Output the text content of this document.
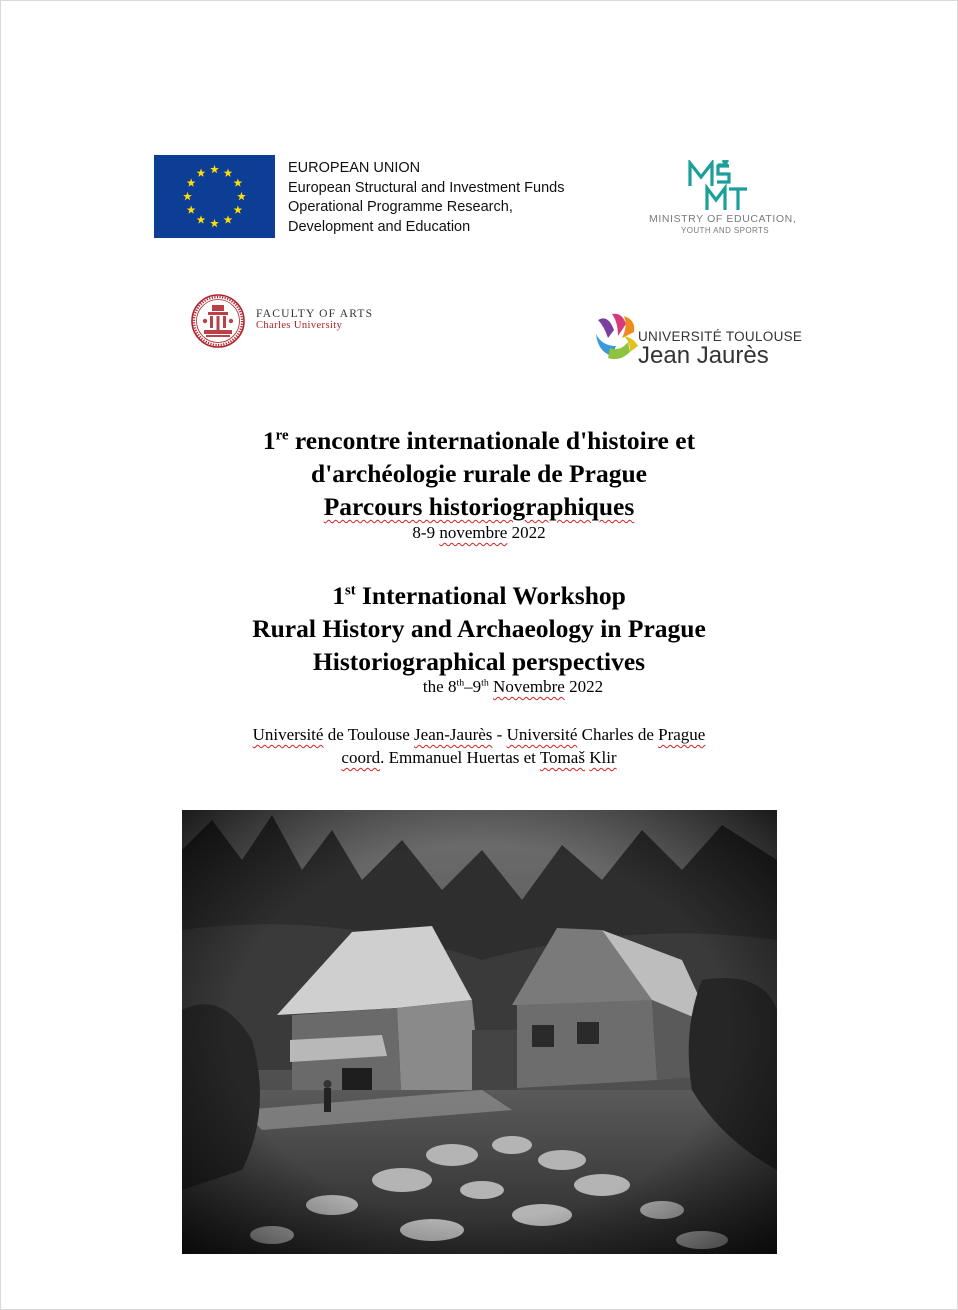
EUROPEAN UNION
European Structural and Investment Funds
Operational Programme Research,
Development and Education	MINISTRY OF EDUCATION,
YOUTH AND SPORTS
FACULTY OF ARTS
Charles University
UNIVERSITÉ TOULOUSE
Jean Jaurès
1re rencontre internationale d'histoire et
d'archéologie rurale de Prague
Parcours historiographiques
8-9 novembre 2022
1st International Workshop
Rural History and Archaeology in Prague
Historiographical perspectives
the 8th–9th Novembre 2022
Université de Toulouse Jean-Jaurès - Université Charles de Prague
coord. Emmanuel Huertas et Tomaš Klir
